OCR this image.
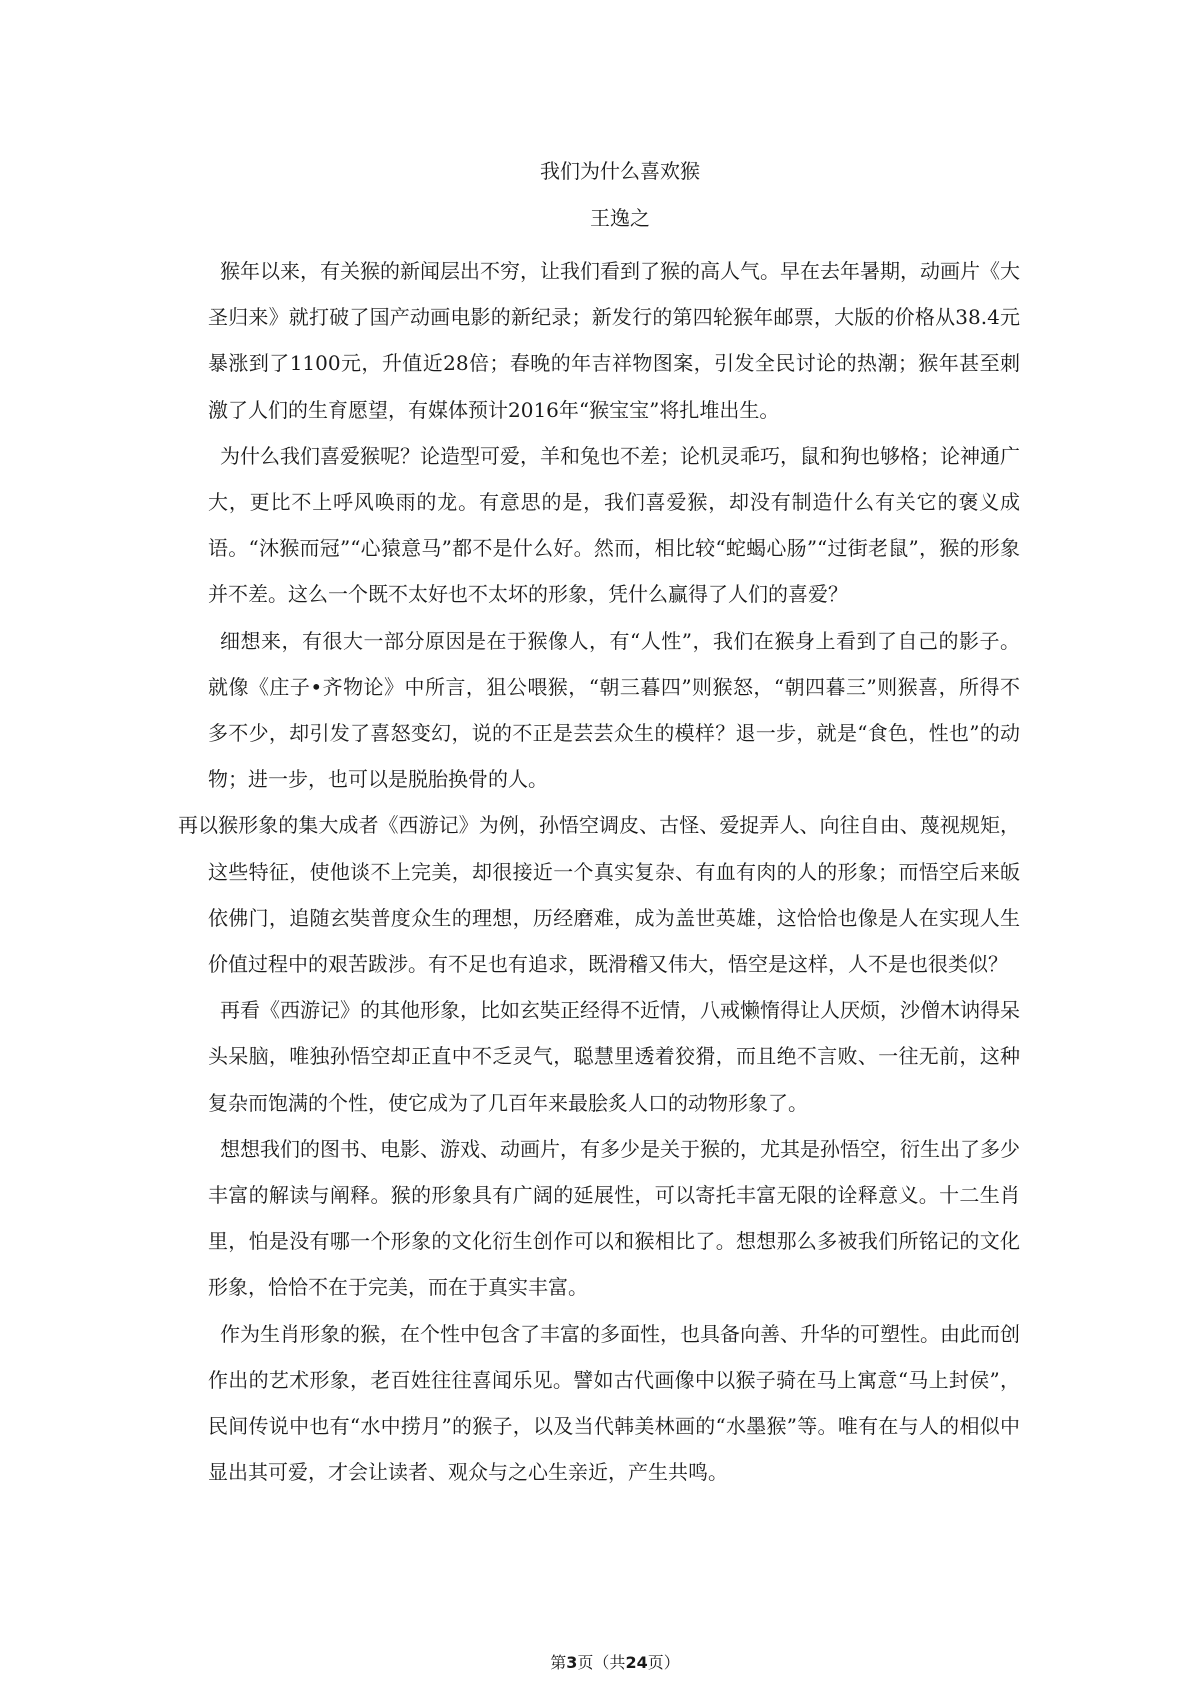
我们为什么喜欢猴
王逸之

猴年以来，有关猴的新闻层出不穷，让我们看到了猴的高人气。早在去年暑期，动画片《大圣归来》就打破了国产动画电影的新纪录；新发行的第四轮猴年邮票，大版的价格从38.4元暴涨到了1100元，升值近28倍；春晚的年吉祥物图案，引发全民讨论的热潮；猴年甚至刺激了人们的生育愿望，有媒体预计2016年“猴宝宝”将扎堆出生。

为什么我们喜爱猴呢？论造型可爱，羊和兔也不差；论机灵乖巧，鼠和狗也够格；论神通广大，更比不上呼风唤雨的龙。有意思的是，我们喜爱猴，却没有制造什么有关它的褒义成语。“沐猴而冠”“心猿意马”都不是什么好。然而，相比较“蛇蝎心肠”“过街老鼠”，猴的形象并不差。这么一个既不太好也不太坏的形象，凭什么赢得了人们的喜爱？

细想来，有很大一部分原因是在于猴像人，有“人性”，我们在猴身上看到了自己的影子。就像《庄子•齐物论》中所言，狙公喂猴，“朝三暮四”则猴怒，“朝四暮三”则猴喜，所得不多不少，却引发了喜怒变幻，说的不正是芸芸众生的模样？退一步，就是“食色，性也”的动物；进一步，也可以是脱胎换骨的人。

再以猴形象的集大成者《西游记》为例，孙悟空调皮、古怪、爱捉弄人、向往自由、蔑视规矩，这些特征，使他谈不上完美，却很接近一个真实复杂、有血有肉的人的形象；而悟空后来皈依佛门，追随玄奘普度众生的理想，历经磨难，成为盖世英雄，这恰恰也像是人在实现人生价值过程中的艰苦跋涉。有不足也有追求，既滑稽又伟大，悟空是这样，人不是也很类似？

再看《西游记》的其他形象，比如玄奘正经得不近情，八戒懒惰得让人厌烦，沙僧木讷得呆头呆脑，唯独孙悟空却正直中不乏灵气，聪慧里透着狡猾，而且绝不言败、一往无前，这种复杂而饱满的个性，使它成为了几百年来最脍炙人口的动物形象了。

想想我们的图书、电影、游戏、动画片，有多少是关于猴的，尤其是孙悟空，衍生出了多少丰富的解读与阐释。猴的形象具有广阔的延展性，可以寄托丰富无限的诠释意义。十二生肖里，怕是没有哪一个形象的文化衍生创作可以和猴相比了。想想那么多被我们所铭记的文化形象，恰恰不在于完美，而在于真实丰富。

作为生肖形象的猴，在个性中包含了丰富的多面性，也具备向善、升华的可塑性。由此而创作出的艺术形象，老百姓往往喜闻乐见。譬如古代画像中以猴子骑在马上寓意“马上封侯”，民间传说中也有“水中捞月”的猴子，以及当代韩美林画的“水墨猴”等。唯有在与人的相似中显出其可爱，才会让读者、观众与之心生亲近，产生共鸣。

第3页（共24页）
